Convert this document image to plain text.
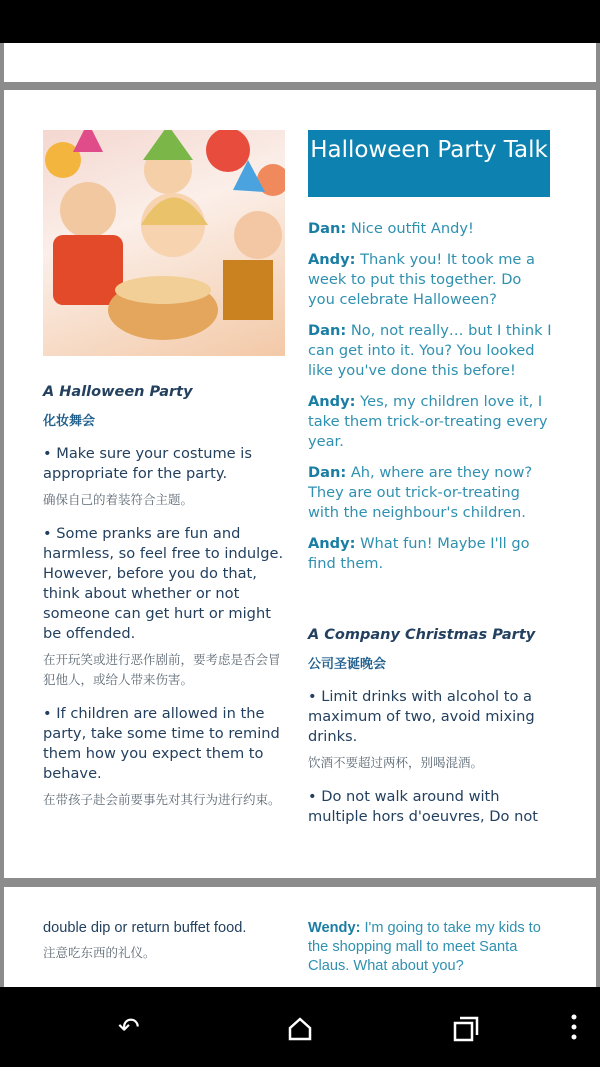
Halloween Party Talk
A Halloween Party
化妆舞会

• Make sure your costume is appropriate for the party.

确保自己的着装符合主题。

• Some pranks are fun and harmless, so feel free to indulge. However, before you do that, think about whether or not someone can get hurt or might be offended.

在开玩笑或进行恶作剧前，要考虑是否会冒犯他人，或给人带来伤害。

• If children are allowed in the party, take some time to remind them how you expect them to behave.

在带孩子赴会前要事先对其行为进行约束。

Dan: Nice outfit Andy!

Andy: Thank you! It took me a week to put this together. Do you celebrate Halloween?

Dan: No, not really… but I think I can get into it. You? You looked like you've done this before!

Andy: Yes, my children love it, I take them trick-or-treating every year.

Dan: Ah, where are they now? They are out trick-or-treating with the neighbour's children.

Andy: What fun! Maybe I'll go find them.

A Company Christmas Party
公司圣诞晚会

• Limit drinks with alcohol to a maximum of two, avoid mixing drinks.

饮酒不要超过两杯，别喝混酒。

• Do not walk around with multiple hors d'oeuvres, Do not

double dip or return buffet food.

注意吃东西的礼仪。

Wendy: I'm going to take my kids to the shopping mall to meet Santa Claus. What about you?

↶
